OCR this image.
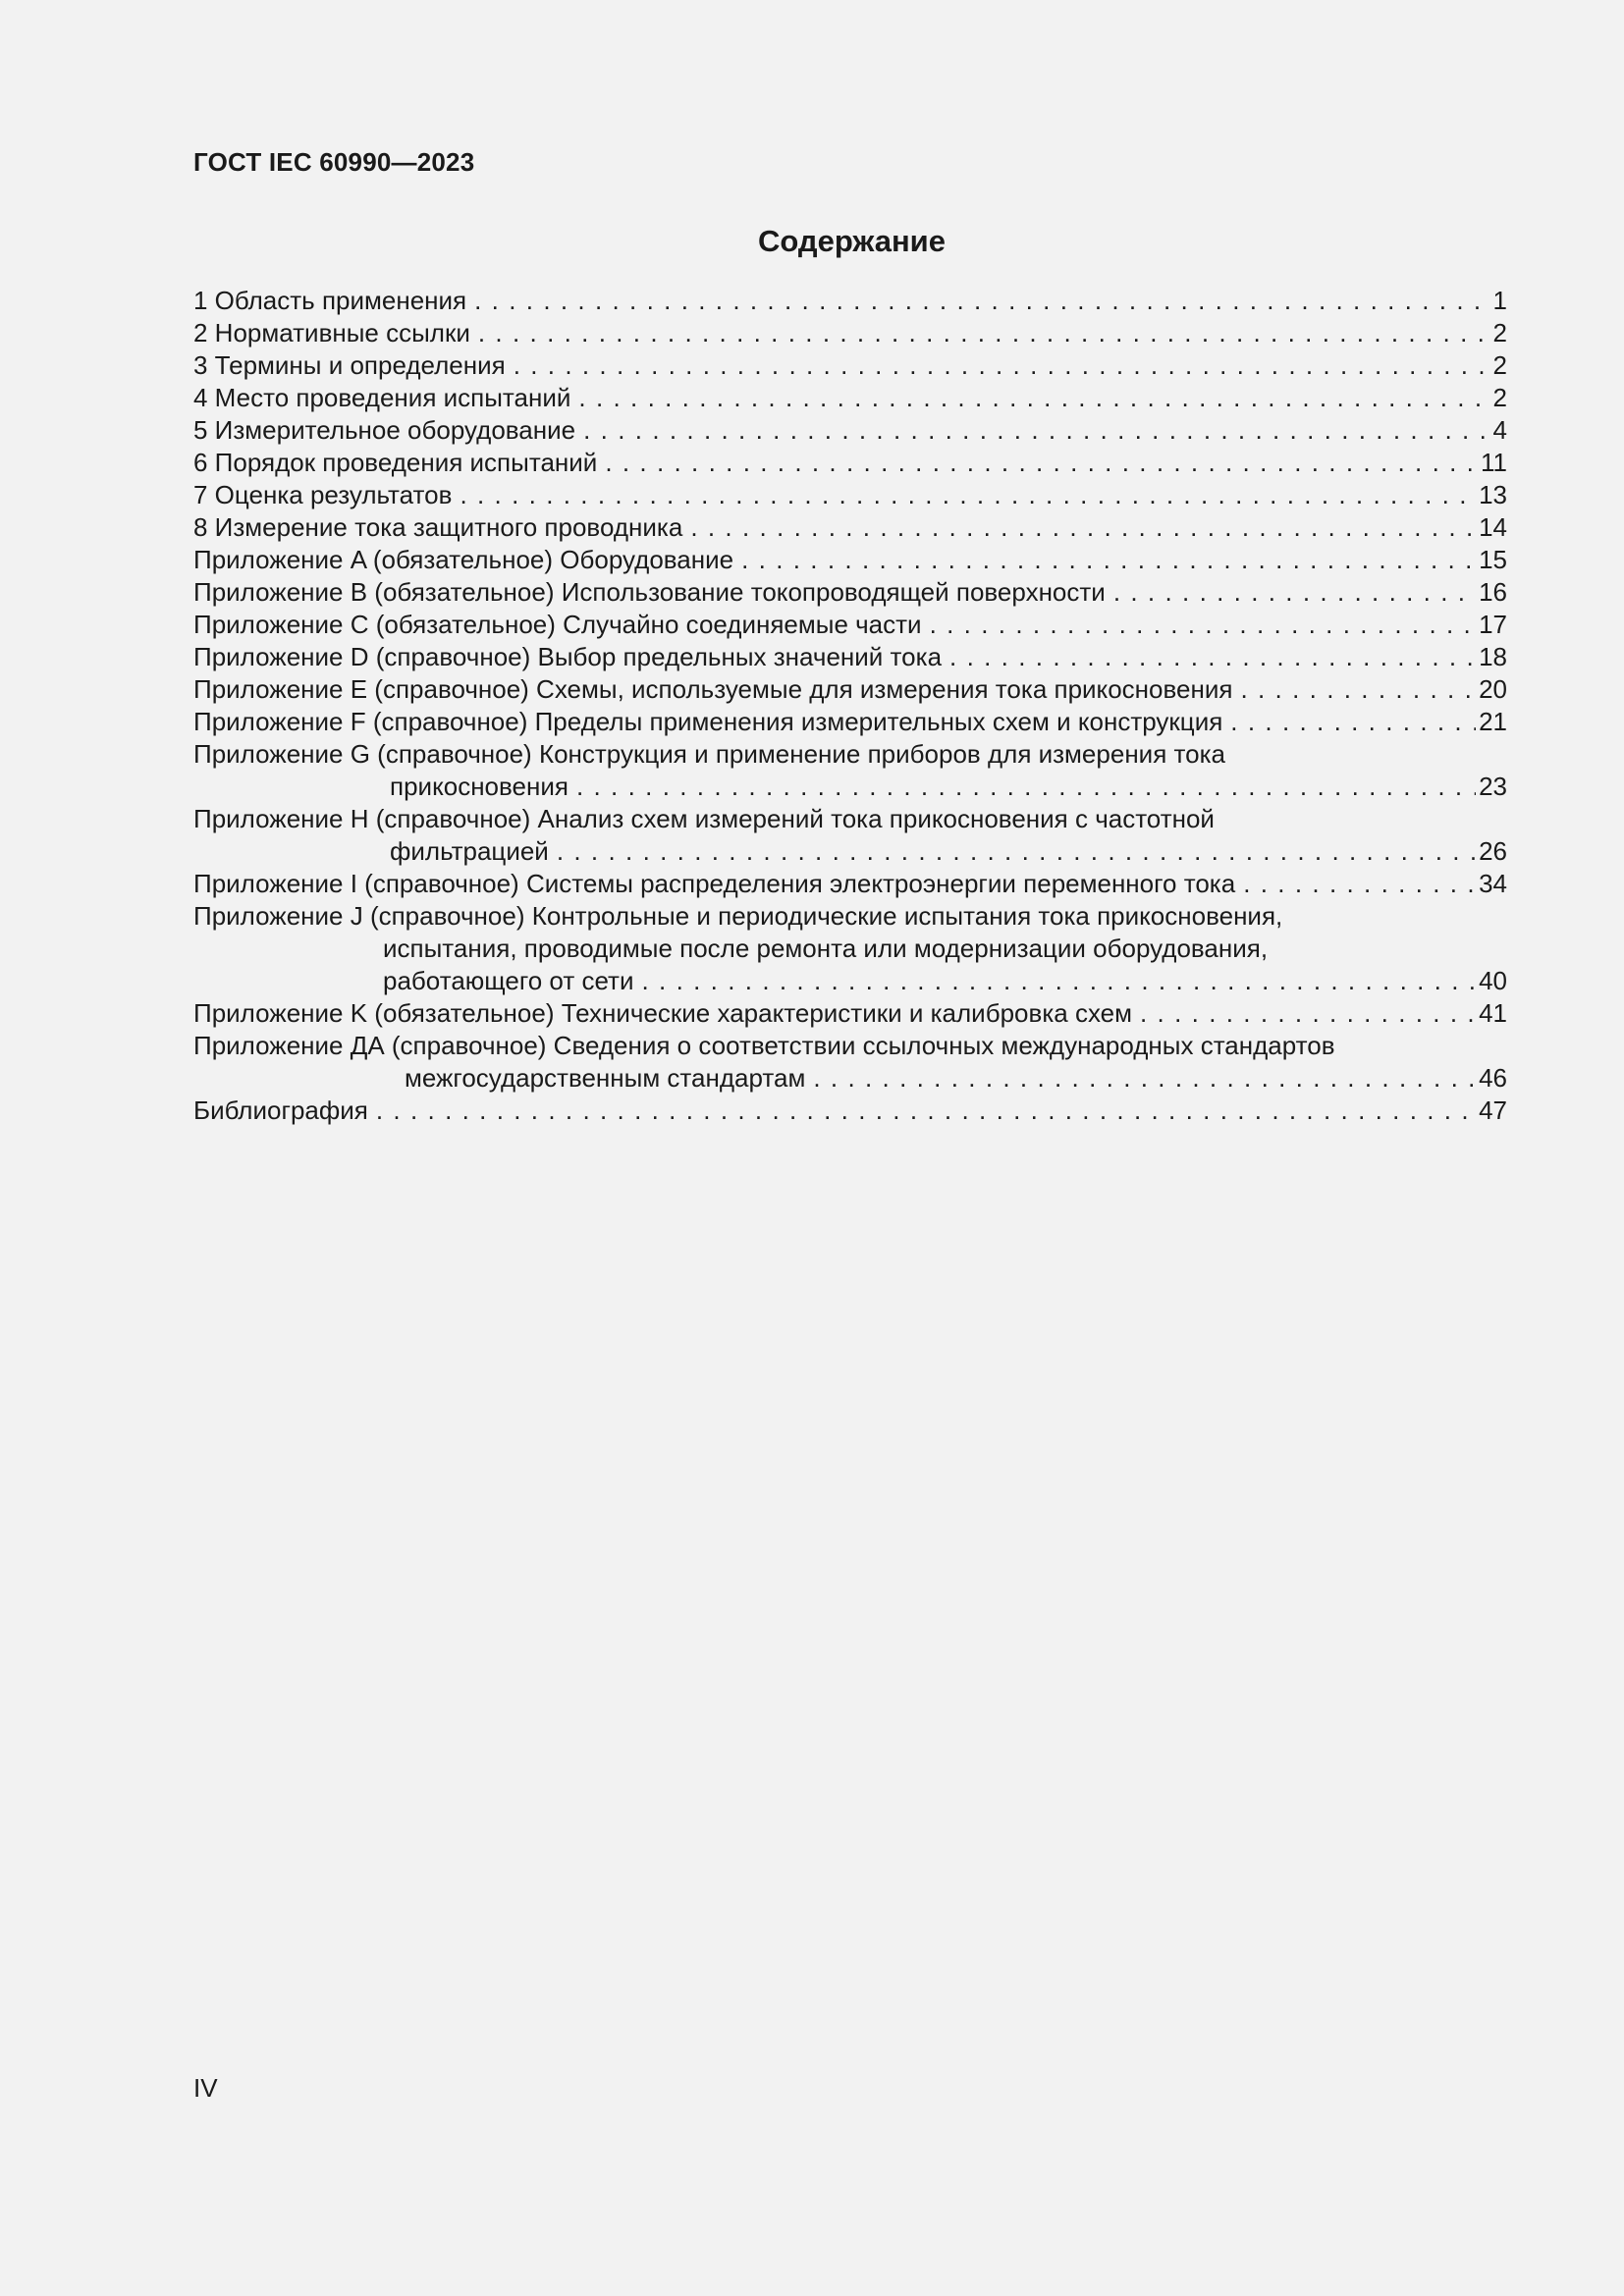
ГОСТ IEC 60990—2023
Содержание
1 Область применения . . .	1
2 Нормативные ссылки . . .	2
3 Термины и определения . . .	2
4 Место проведения испытаний . . .	2
5 Измерительное оборудование . . .	4
6 Порядок проведения испытаний . . .	11
7 Оценка результатов . . .	13
8 Измерение тока защитного проводника . . .	14
Приложение A (обязательное) Оборудование . . .	15
Приложение B (обязательное) Использование токопроводящей поверхности . . .	16
Приложение C (обязательное) Случайно соединяемые части . . .	17
Приложение D (справочное) Выбор предельных значений тока . . .	18
Приложение E (справочное) Схемы, используемые для измерения тока прикосновения . . .	20
Приложение F (справочное) Пределы применения измерительных схем и конструкция . . .	21
Приложение G (справочное) Конструкция и применение приборов для измерения тока
прикосновения . . .	23
Приложение H (справочное) Анализ схем измерений тока прикосновения с частотной
фильтрацией . . .	26
Приложение I (справочное) Системы распределения электроэнергии переменного тока . . .	34
Приложение J (справочное) Контрольные и периодические испытания тока прикосновения,
испытания, проводимые после ремонта или модернизации оборудования,
работающего от сети . . .	40
Приложение K (обязательное) Технические характеристики и калибровка схем . . .	41
Приложение ДА (справочное) Сведения о соответствии ссылочных международных стандартов
межгосударственным стандартам . . .	46
Библиография . . .	47
IV
